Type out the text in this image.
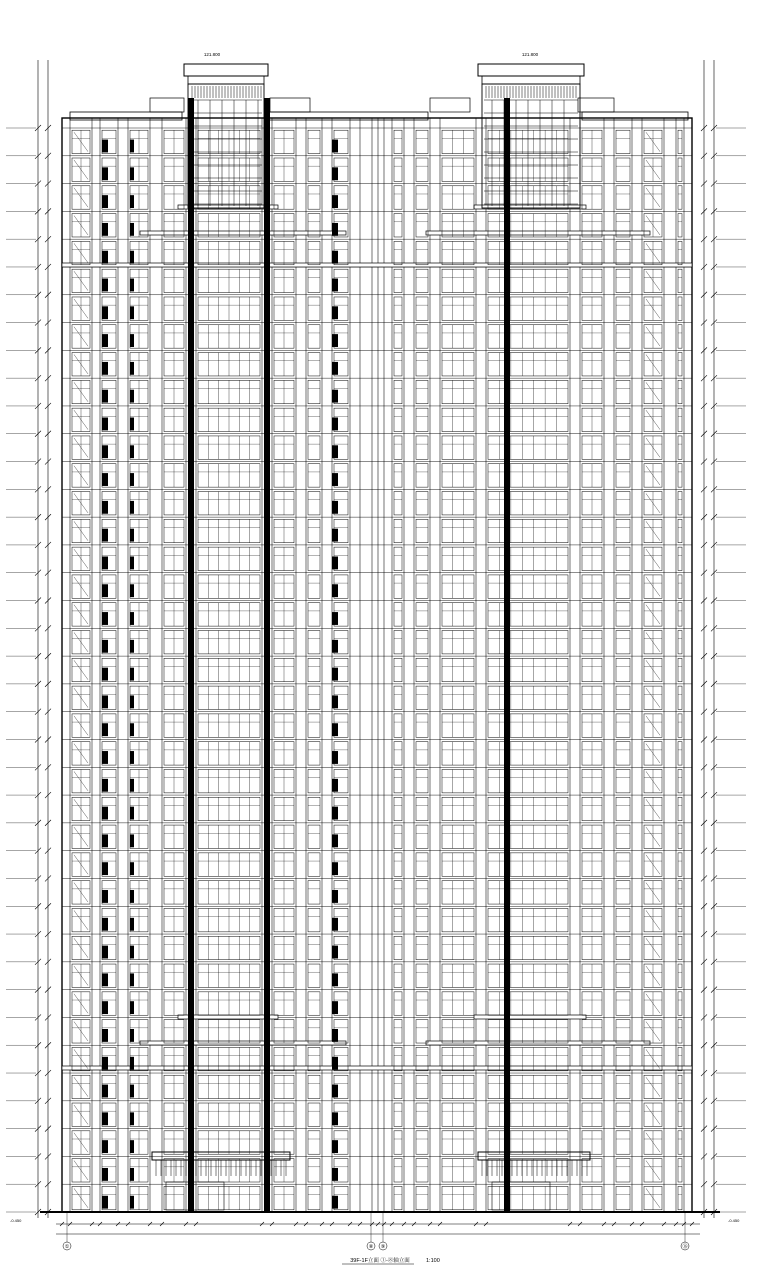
121.800	121.800
-0.450	-0.450
①	⑧ ⑨	⑯
39F-1F立面 ①-⑧轴立面	1:100
